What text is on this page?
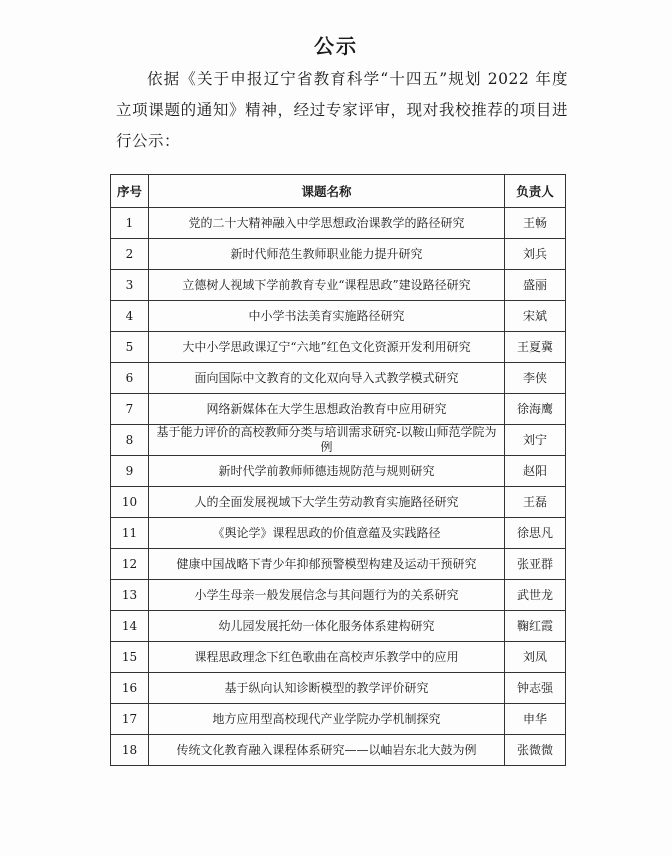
公示

依据《关于申报辽宁省教育科学“十四五”规划 2022 年度立项课题的通知》精神，经过专家评审，现对我校推荐的项目进行公示：

序号	课题名称	负责人
1	党的二十大精神融入中学思想政治课教学的路径研究	王畅
2	新时代师范生教师职业能力提升研究	刘兵
3	立德树人视域下学前教育专业“课程思政”建设路径研究	盛丽
4	中小学书法美育实施路径研究	宋斌
5	大中小学思政课辽宁“六地”红色文化资源开发利用研究	王夏冀
6	面向国际中文教育的文化双向导入式教学模式研究	李侠
7	网络新媒体在大学生思想政治教育中应用研究	徐海鹰
8	基于能力评价的高校教师分类与培训需求研究-以鞍山师范学院为例	刘宁
9	新时代学前教师师德违规防范与规则研究	赵阳
10	人的全面发展视域下大学生劳动教育实施路径研究	王磊
11	《舆论学》课程思政的价值意蕴及实践路径	徐思凡
12	健康中国战略下青少年抑郁预警模型构建及运动干预研究	张亚群
13	小学生母亲一般发展信念与其问题行为的关系研究	武世龙
14	幼儿园发展托幼一体化服务体系建构研究	鞠红霞
15	课程思政理念下红色歌曲在高校声乐教学中的应用	刘凤
16	基于纵向认知诊断模型的教学评价研究	钟志强
17	地方应用型高校现代产业学院办学机制探究	申华
18	传统文化教育融入课程体系研究——以岫岩东北大鼓为例	张微微
